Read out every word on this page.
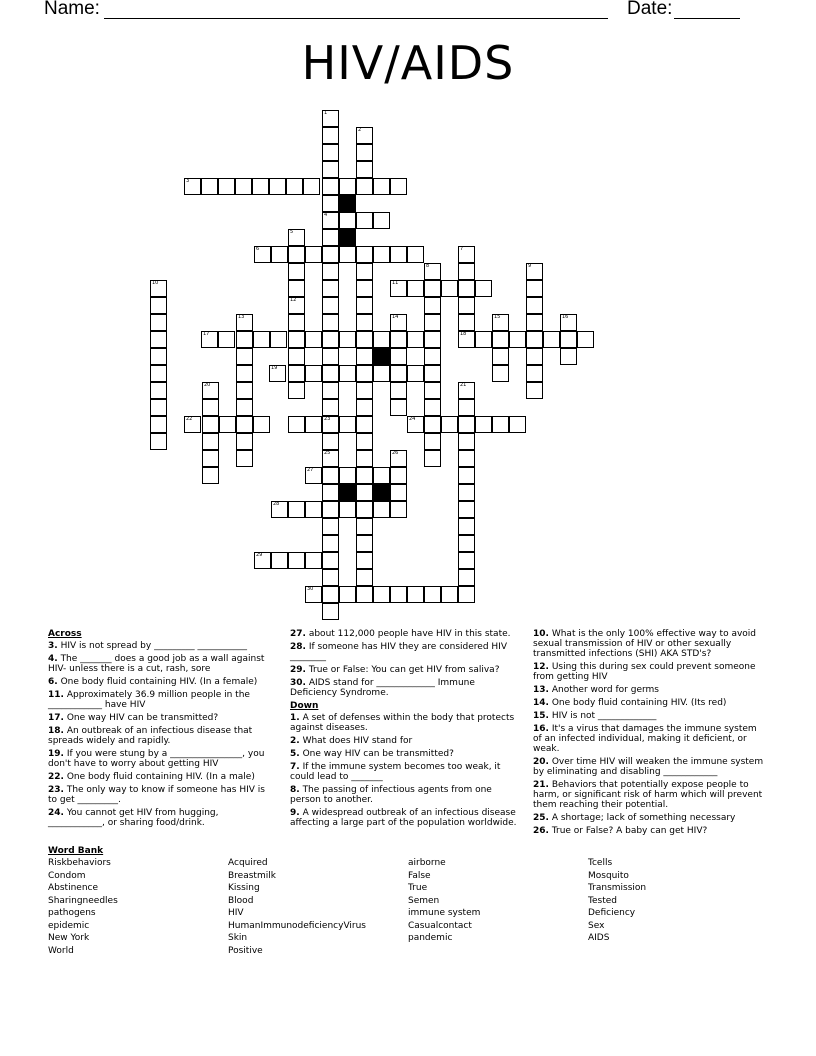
Name:	Date:
HIV/AIDS
1
4
23
25
2
3
5
6	7
8	9
10	11
12
13	14	15	16
17	18
19
20	21
22	24
26
27
28
29
30
Across
3. HIV is not spread by _________ ___________
4. The _______ does a good job as a wall against HIV- unless there is a cut, rash, sore
6. One body fluid containing HIV. (In a female)
11. Approximately 36.9 million people in the ____________ have HIV
17. One way HIV can be transmitted?
18. An outbreak of an infectious disease that spreads widely and rapidly.
19. If you were stung by a ________________, you don't have to worry about getting HIV
22. One body fluid containing HIV. (In a male)
23. The only way to know if someone has HIV is to get _________.
24. You cannot get HIV from hugging, ____________, or sharing food/drink.
27. about 112,000 people have HIV in this state.
28. If someone has HIV they are considered HIV ________
29. True or False: You can get HIV from saliva?
30. AIDS stand for _____________ Immune Deficiency Syndrome.
Down
1. A set of defenses within the body that protects against diseases.
2. What does HIV stand for
5. One way HIV can be transmitted?
7. If the immune system becomes too weak, it could lead to _______
8. The passing of infectious agents from one person to another.
9. A widespread outbreak of an infectious disease affecting a large part of the population worldwide.
10. What is the only 100% effective way to avoid sexual transmission of HIV or other sexually transmitted infections (SHI) AKA STD's?
12. Using this during sex could prevent someone from getting HIV
13. Another word for germs
14. One body fluid containing HIV. (Its red)
15. HIV is not _____________
16. It's a virus that damages the immune system of an infected individual, making it deficient, or weak.
20. Over time HIV will weaken the immune system by eliminating and disabling ____________
21. Behaviors that potentially expose people to harm, or significant risk of harm which will prevent them reaching their potential.
25. A shortage; lack of something necessary
26. True or False? A baby can get HIV?
Word Bank
Riskbehaviors
Condom
Abstinence
Sharingneedles
pathogens
epidemic
New York
World
Acquired
Breastmilk
Kissing
Blood
HIV
HumanImmunodeficiencyVirus
Skin
Positive
airborne
False
True
Semen
immune system
Casualcontact
pandemic
Tcells
Mosquito
Transmission
Tested
Deficiency
Sex
AIDS
